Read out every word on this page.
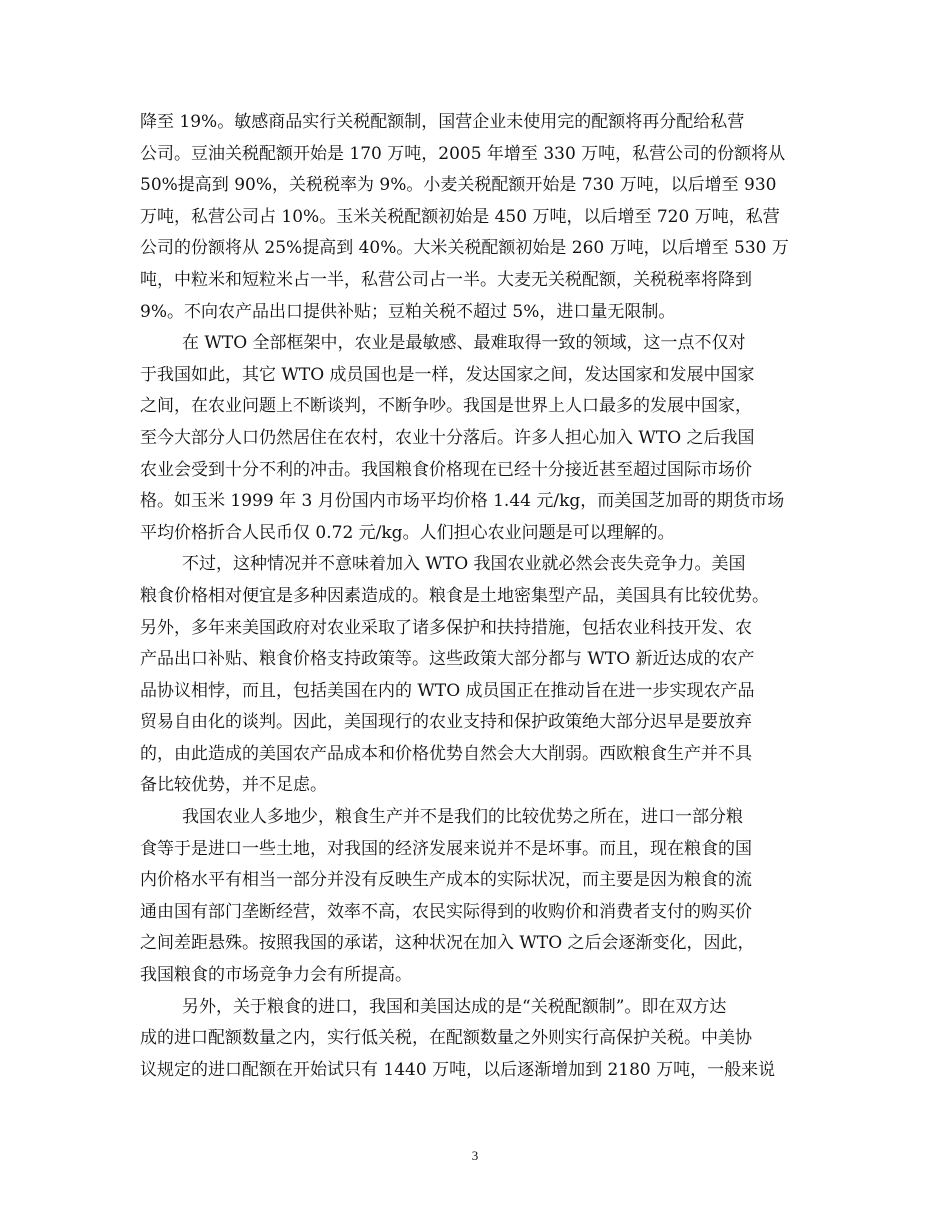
降至 19%。敏感商品实行关税配额制，国营企业未使用完的配额将再分配给私营
公司。豆油关税配额开始是 170 万吨，2005 年增至 330 万吨，私营公司的份额将从
50%提高到 90%，关税税率为 9%。小麦关税配额开始是 730 万吨，以后增至 930
万吨，私营公司占 10%。玉米关税配额初始是 450 万吨，以后增至 720 万吨，私营
公司的份额将从 25%提高到 40%。大米关税配额初始是 260 万吨，以后增至 530 万
吨，中粒米和短粒米占一半，私营公司占一半。大麦无关税配额，关税税率将降到
9%。不向农产品出口提供补贴；豆粕关税不超过 5%，进口量无限制。

在 WTO 全部框架中，农业是最敏感、最难取得一致的领域，这一点不仅对
于我国如此，其它 WTO 成员国也是一样，发达国家之间，发达国家和发展中国家
之间，在农业问题上不断谈判，不断争吵。我国是世界上人口最多的发展中国家，
至今大部分人口仍然居住在农村，农业十分落后。许多人担心加入 WTO 之后我国
农业会受到十分不利的冲击。我国粮食价格现在已经十分接近甚至超过国际市场价
格。如玉米 1999 年 3 月份国内市场平均价格 1.44 元/kg，而美国芝加哥的期货市场
平均价格折合人民币仅 0.72 元/kg。人们担心农业问题是可以理解的。

不过，这种情况并不意味着加入 WTO 我国农业就必然会丧失竞争力。美国
粮食价格相对便宜是多种因素造成的。粮食是土地密集型产品，美国具有比较优势。
另外，多年来美国政府对农业采取了诸多保护和扶持措施，包括农业科技开发、农
产品出口补贴、粮食价格支持政策等。这些政策大部分都与 WTO 新近达成的农产
品协议相悖，而且，包括美国在内的 WTO 成员国正在推动旨在进一步实现农产品
贸易自由化的谈判。因此，美国现行的农业支持和保护政策绝大部分迟早是要放弃
的，由此造成的美国农产品成本和价格优势自然会大大削弱。西欧粮食生产并不具
备比较优势，并不足虑。

我国农业人多地少，粮食生产并不是我们的比较优势之所在，进口一部分粮
食等于是进口一些土地，对我国的经济发展来说并不是坏事。而且，现在粮食的国
内价格水平有相当一部分并没有反映生产成本的实际状况，而主要是因为粮食的流
通由国有部门垄断经营，效率不高，农民实际得到的收购价和消费者支付的购买价
之间差距悬殊。按照我国的承诺，这种状况在加入 WTO 之后会逐渐变化，因此，
我国粮食的市场竞争力会有所提高。

另外，关于粮食的进口，我国和美国达成的是“关税配额制”。即在双方达
成的进口配额数量之内，实行低关税，在配额数量之外则实行高保护关税。中美协
议规定的进口配额在开始试只有 1440 万吨，以后逐渐增加到 2180 万吨，一般来说

3
